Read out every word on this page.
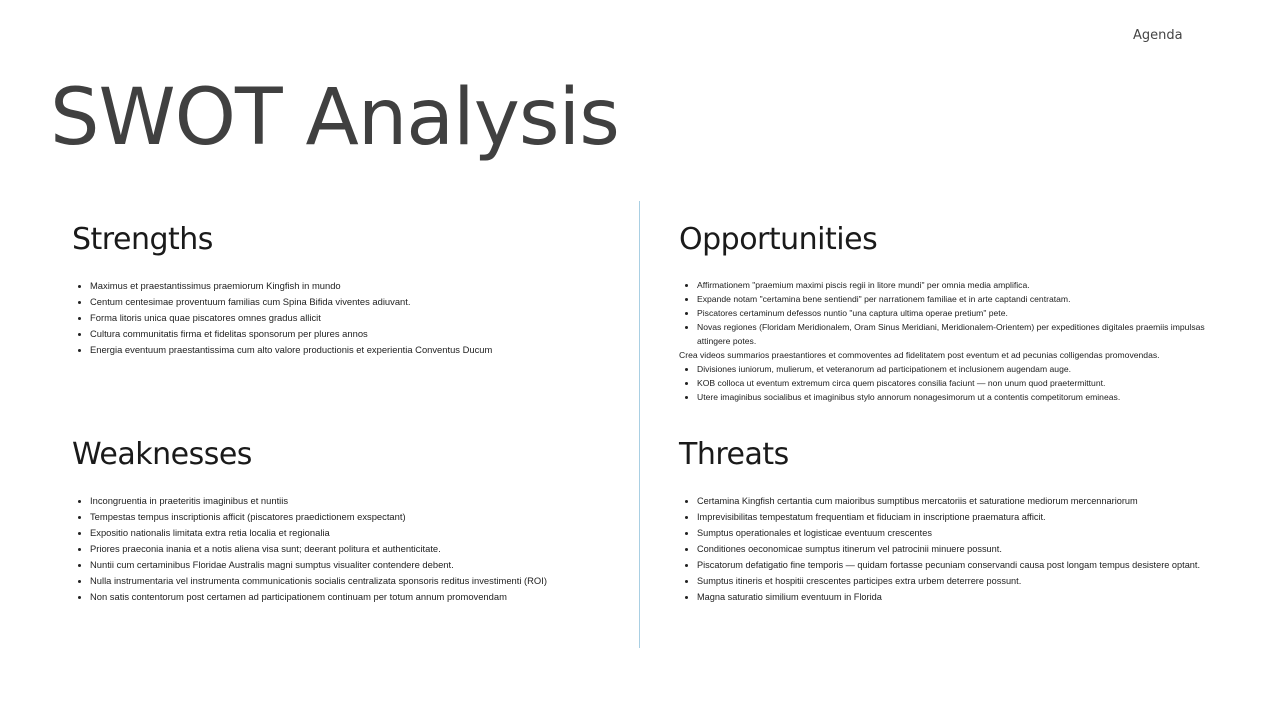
Agenda
SWOT Analysis
Strengths
• Maximus et praestantissimus praemiorum Kingfish in mundo
• Centum centesimae proventuum familias cum Spina Bifida viventes adiuvant.
• Forma litoris unica quae piscatores omnes gradus allicit
• Cultura communitatis firma et fidelitas sponsorum per plures annos
• Energia eventuum praestantissima cum alto valore productionis et experientia Conventus Ducum
Weaknesses
• Incongruentia in praeteritis imaginibus et nuntiis
• Tempestas tempus inscriptionis afficit (piscatores praedictionem exspectant)
• Expositio nationalis limitata extra retia localia et regionalia
• Priores praeconia inania et a notis aliena visa sunt; deerant politura et authenticitate.
• Nuntii cum certaminibus Floridae Australis magni sumptus visualiter contendere debent.
• Nulla instrumentaria vel instrumenta communicationis socialis centralizata sponsoris reditus investimenti (ROI)
• Non satis contentorum post certamen ad participationem continuam per totum annum promovendam
Opportunities
• Affirmationem "praemium maximi piscis regii in litore mundi" per omnia media amplifica.
• Expande notam "certamina bene sentiendi" per narrationem familiae et in arte captandi centratam.
• Piscatores certaminum defessos nuntio "una captura ultima operae pretium" pete.
• Novas regiones (Floridam Meridionalem, Oram Sinus Meridiani, Meridionalem-Orientem) per expeditiones digitales praemiis impulsas attingere potes.

Crea videos summarios praestantiores et commoventes ad fidelitatem post eventum et ad pecunias colligendas promovendas.

• Divisiones iuniorum, mulierum, et veteranorum ad participationem et inclusionem augendam auge.
• KOB colloca ut eventum extremum circa quem piscatores consilia faciunt — non unum quod praetermittunt.
• Utere imaginibus socialibus et imaginibus stylo annorum nonagesimorum ut a contentis competitorum emineas.
Threats
• Certamina Kingfish certantia cum maioribus sumptibus mercatoriis et saturatione mediorum mercennariorum
• Imprevisibilitas tempestatum frequentiam et fiduciam in inscriptione praematura afficit.
• Sumptus operationales et logisticae eventuum crescentes
• Conditiones oeconomicae sumptus itinerum vel patrocinii minuere possunt.
• Piscatorum defatigatio fine temporis — quidam fortasse pecuniam conservandi causa post longam tempus desistere optant.
• Sumptus itineris et hospitii crescentes participes extra urbem deterrere possunt.
• Magna saturatio similium eventuum in Florida
